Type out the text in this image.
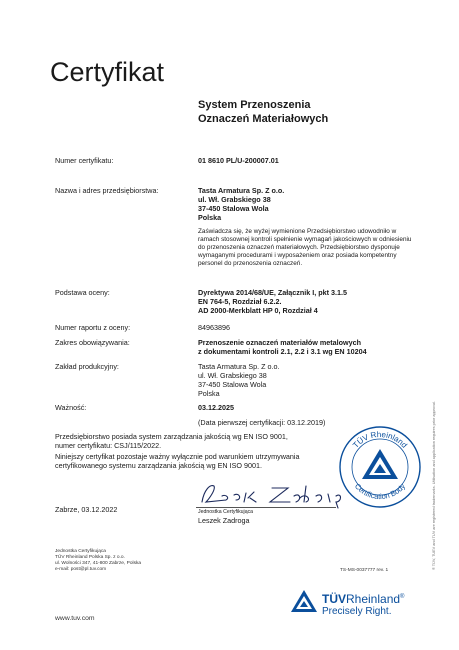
Certyfikat
System Przenoszenia
Oznaczeń Materiałowych
Numer certyfikatu:	01 8610 PL/U-200007.01
Nazwa i adres przedsiębiorstwa:	Tasta Armatura Sp. Z o.o.
ul. Wł. Grabskiego 38
37-450 Stalowa Wola
Polska
Zaświadcza się, że wyżej wymienione Przedsiębiorstwo udowodniło w ramach stosownej kontroli spełnienie wymagań jakościowych w odniesieniu do przenoszenia oznaczeń materiałowych. Przedsiębiorstwo dysponuje wymaganymi procedurami i wyposażeniem oraz posiada kompetentny personel do przenoszenia oznaczeń.
Podstawa oceny:	Dyrektywa 2014/68/UE, Załącznik I, pkt 3.1.5
EN 764-5, Rozdział 6.2.2.
AD 2000-Merkblatt HP 0, Rozdział 4
Numer raportu z oceny:	84963896
Zakres obowiązywania:	Przenoszenie oznaczeń materiałów metalowych
z dokumentami kontroli 2.1, 2.2 i 3.1 wg EN 10204
Zakład produkcyjny:	Tasta Armatura Sp. Z o.o.
ul. Wł. Grabskiego 38
37-450 Stalowa Wola
Polska
Ważność:	03.12.2025
(Data pierwszej certyfikacji: 03.12.2019)
Przedsiębiorstwo posiada system zarządzania jakością wg EN ISO 9001,
numer certyfikatu: CSJ/115/2022.
Niniejszy certyfikat pozostaje ważny wyłącznie pod warunkiem utrzymywania
certyfikowanego systemu zarządzania jakością wg EN ISO 9001.
Zabrze, 03.12.2022
Leszek Zadroga
Jednostka Certyfikująca
Leszek Zadroga
TÜV Rheinland
Certification Body	® TÜV, TUEV and TUV are registered trademarks. Utilisation and application requires prior approval.
Jednostka Certyfikująca
TÜV Rheinland Polska Sp. z o.o.
ul. Wolności 347, 41-800 Zabrze, Polska
e-mail: post@pl.tuv.com	TS-MS-0037777 rev. 1
www.tuv.com
TÜVRheinland®
Precisely Right.
